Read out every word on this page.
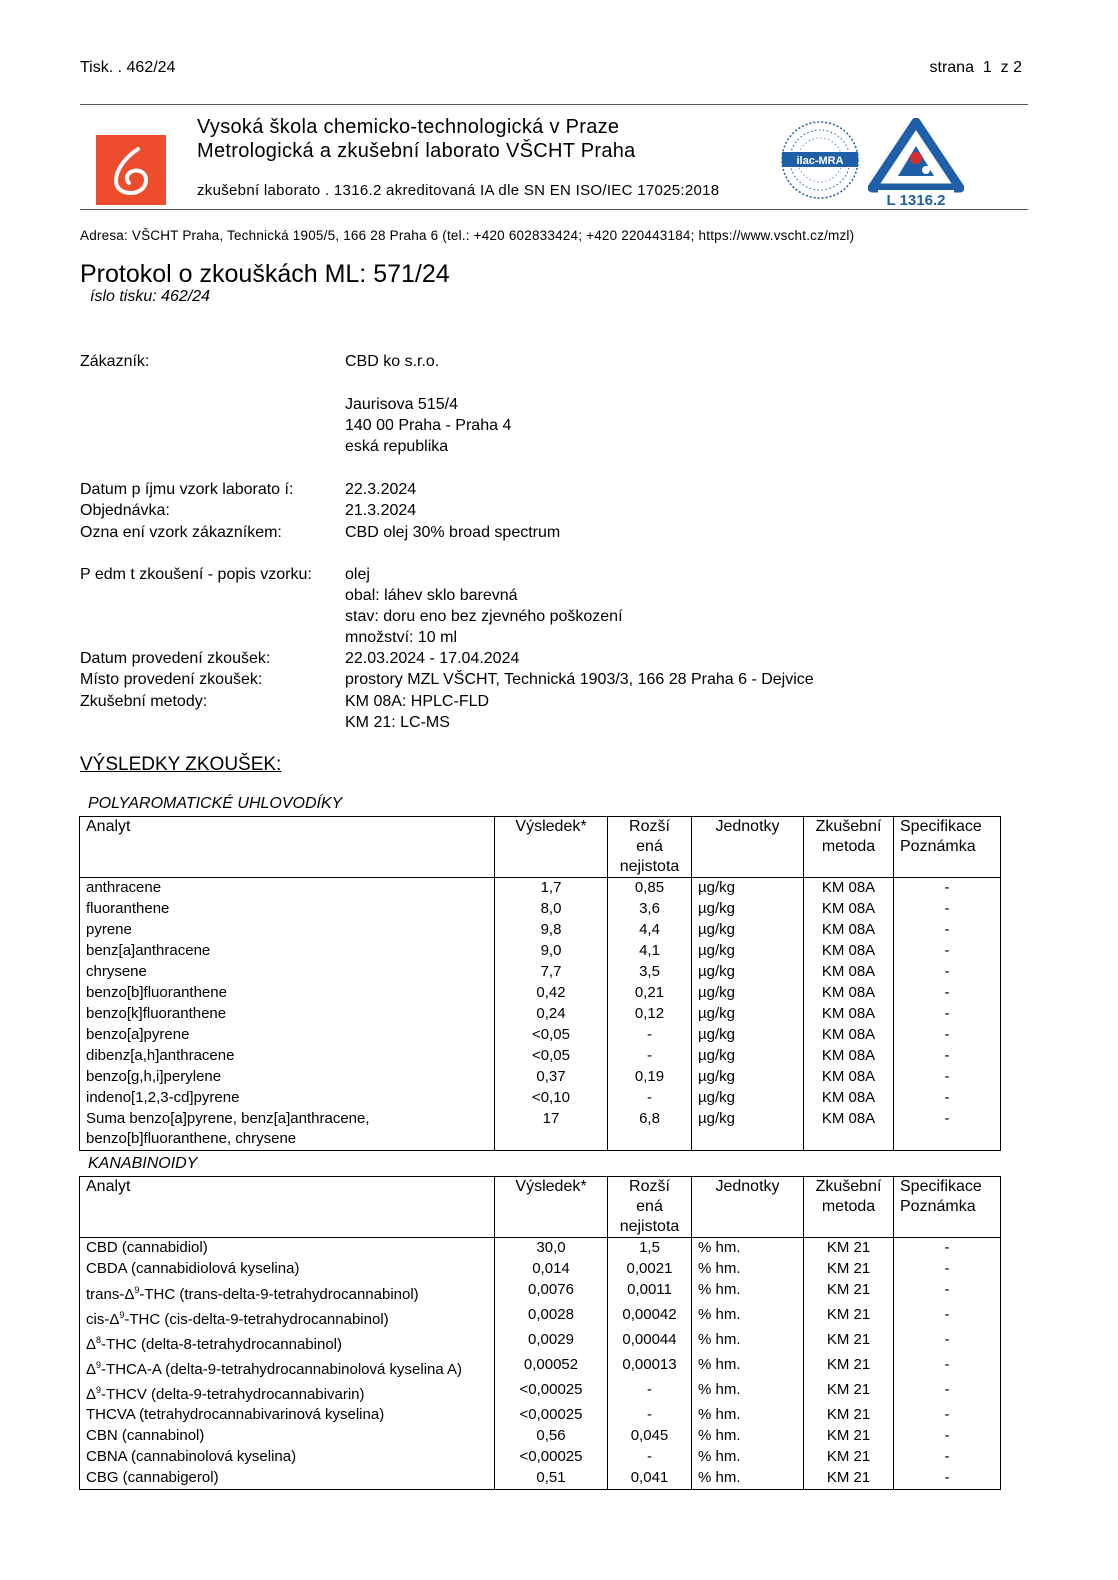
Tisk. . 462/24	strana 1 z 2
Vysoká škola chemicko-technologická v Praze
Metrologická a zkušební laborato VŠCHT Praha
zkušební laborato . 1316.2 akreditovaná IA dle SN EN ISO/IEC 17025:2018
ilac-MRA
L 1316.2
Adresa: VŠCHT Praha, Technická 1905/5, 166 28 Praha 6 (tel.: +420 602833424; +420 220443184; https://www.vscht.cz/mzl)
Protokol o zkouškách ML: 571/24
íslo tisku: 462/24
Zákazník:	CBD ko s.r.o.
Jaurisova 515/4
140 00 Praha - Praha 4
eská republika
Datum p íjmu vzork laborato í:	22.3.2024
Objednávka:	21.3.2024
Ozna ení vzork zákazníkem:	CBD olej 30% broad spectrum
P edm t zkoušení - popis vzorku: olej
obal: láhev sklo barevná
stav: doru eno bez zjevného poškození
množství: 10 ml
Datum provedení zkoušek:	22.03.2024 - 17.04.2024
Místo provedení zkoušek:	prostory MZL VŠCHT, Technická 1903/3, 166 28 Praha 6 - Dejvice
Zkušební metody:	KM 08A: HPLC-FLD
KM 21: LC-MS
VÝSLEDKY ZKOUŠEK:
POLYAROMATICKÉ UHLOVODÍKY
Analyt	Výsledek*	Rozší ená nejistota	Jednotky	Zkušební metoda	Specifikace Poznámka
anthracene	1,7	0,85	µg/kg	KM 08A	-
fluoranthene	8,0	3,6	µg/kg	KM 08A	-
pyrene	9,8	4,4	µg/kg	KM 08A	-
benz[a]anthracene	9,0	4,1	µg/kg	KM 08A	-
chrysene	7,7	3,5	µg/kg	KM 08A	-
benzo[b]fluoranthene	0,42	0,21	µg/kg	KM 08A	-
benzo[k]fluoranthene	0,24	0,12	µg/kg	KM 08A	-
benzo[a]pyrene	<0,05	-	µg/kg	KM 08A	-
dibenz[a,h]anthracene	<0,05	-	µg/kg	KM 08A	-
benzo[g,h,i]perylene	0,37	0,19	µg/kg	KM 08A	-
indeno[1,2,3-cd]pyrene	<0,10	-	µg/kg	KM 08A	-

Suma benzo[a]pyrene, benz[a]anthracene,
benzo[b]fluoranthene, chrysene	17	6,8	µg/kg	KM 08A	-
KANABINOIDY
Analyt	Výsledek*	Rozší ená nejistota	Jednotky	Zkušební metoda	Specifikace Poznámka
CBD (cannabidiol)	30,0	1,5	% hm.	KM 21	-
CBDA (cannabidiolová kyselina)	0,014	0,0021	% hm.	KM 21	-
trans-$\Delta^9$-THC (trans-delta-9-tetrahydrocannabinol)	0,0076	0,0011	% hm.	KM 21	-
cis-$\Delta^9$-THC (cis-delta-9-tetrahydrocannabinol)	0,0028	0,00042	% hm.	KM 21	-
$\Delta^8$-THC (delta-8-tetrahydrocannabinol)	0,0029	0,00044	% hm.	KM 21	-
$\Delta^9-THCA-A$ (delta-9-tetrahydrocannabinolová kyselina A)	0,00052	0,00013	% hm.	KM 21	-
$\Delta^9$-THCV (delta-9-tetrahydrocannabivarin)	<0,00025	-	% hm.	KM 21	-
THCVA (tetrahydrocannabivarinová kyselina)	<0,00025	-	% hm.	KM 21	-
CBN (cannabinol)	0,56	0,045	% hm.	KM 21	-
CBNA (cannabinolová kyselina)	<0,00025	-	% hm.	KM 21	-
CBG (cannabigerol)	0,51	0,041	% hm.	KM 21	-
